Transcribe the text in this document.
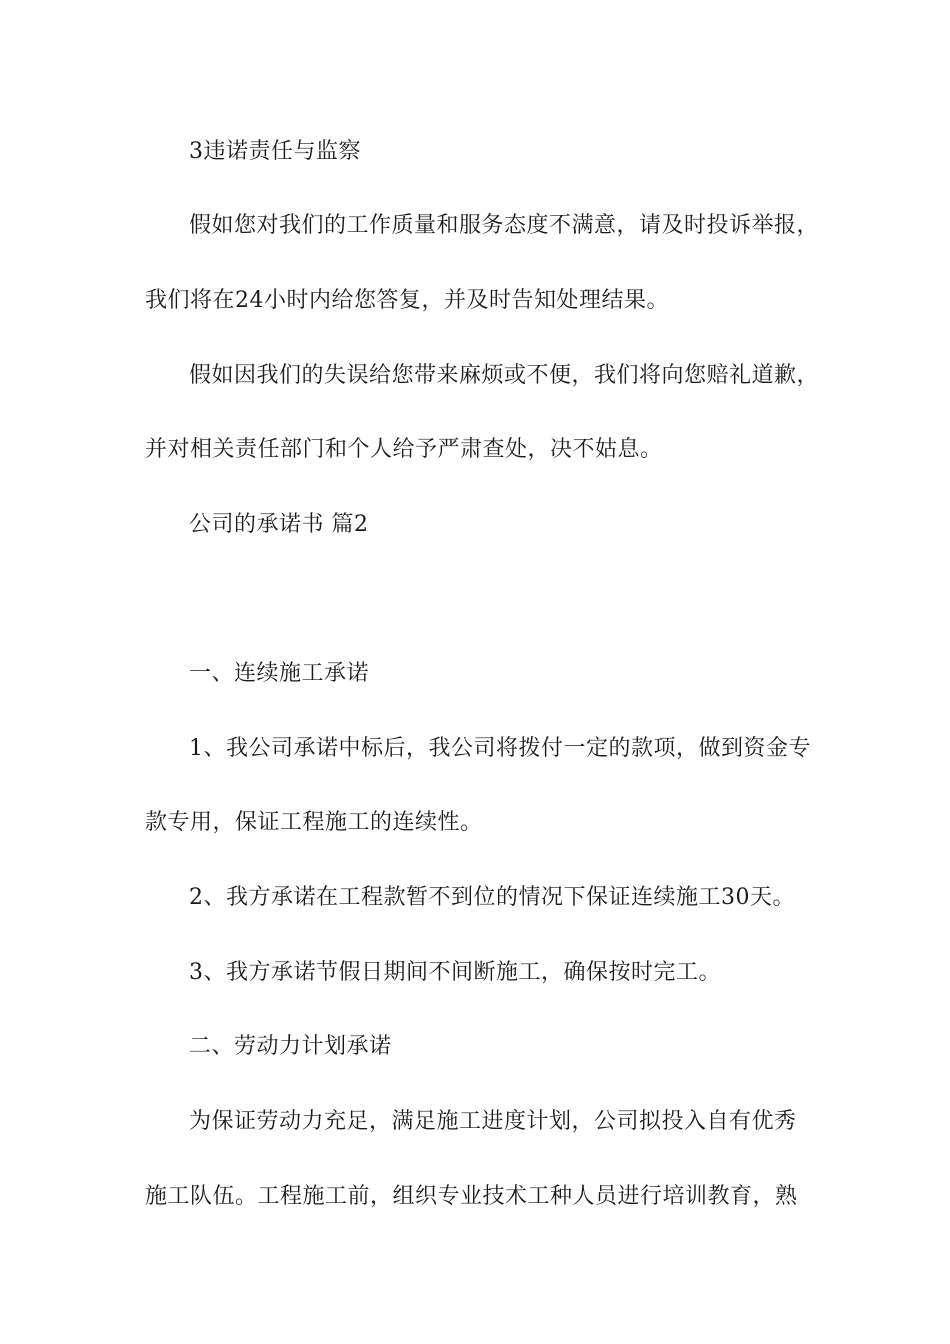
3违诺责任与监察

假如您对我们的工作质量和服务态度不满意，请及时投诉举报，

我们将在24小时内给您答复，并及时告知处理结果。

假如因我们的失误给您带来麻烦或不便，我们将向您赔礼道歉，

并对相关责任部门和个人给予严肃查处，决不姑息。

公司的承诺书 篇2

一、连续施工承诺

1、我公司承诺中标后，我公司将拨付一定的款项，做到资金专

款专用，保证工程施工的连续性。

2、我方承诺在工程款暂不到位的情况下保证连续施工30天。

3、我方承诺节假日期间不间断施工，确保按时完工。

二、劳动力计划承诺

为保证劳动力充足，满足施工进度计划，公司拟投入自有优秀

施工队伍。工程施工前，组织专业技术工种人员进行培训教育，熟
